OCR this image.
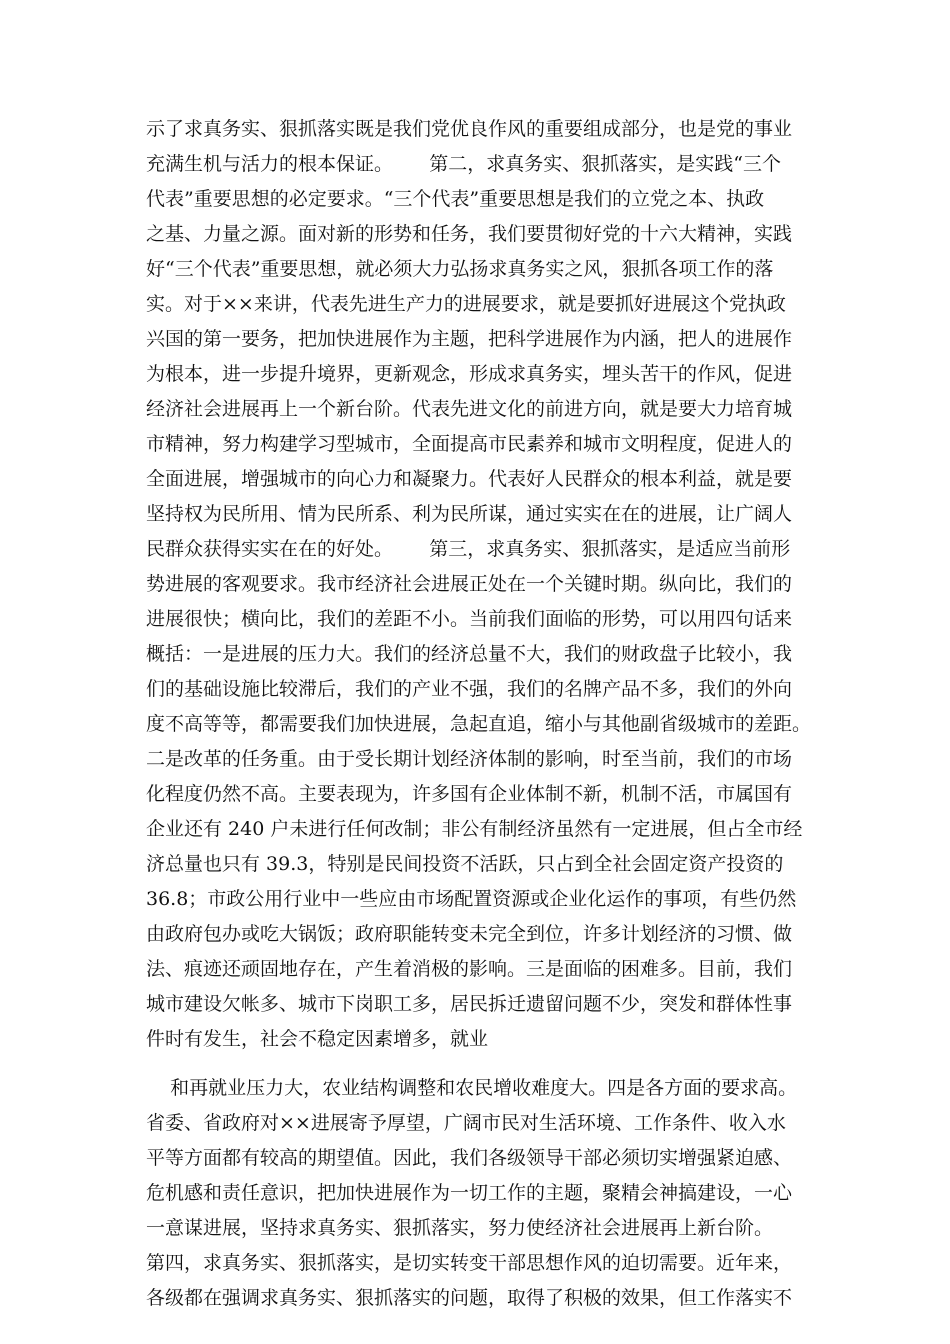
示了求真务实、狠抓落实既是我们党优良作风的重要组成部分，也是党的事业
充满生机与活力的根本保证。      第二，求真务实、狠抓落实，是实践“三个
代表”重要思想的必定要求。“三个代表”重要思想是我们的立党之本、执政
之基、力量之源。面对新的形势和任务，我们要贯彻好党的十六大精神，实践
好“三个代表”重要思想，就必须大力弘扬求真务实之风，狠抓各项工作的落
实。对于××来讲，代表先进生产力的进展要求，就是要抓好进展这个党执政
兴国的第一要务，把加快进展作为主题，把科学进展作为内涵，把人的进展作
为根本，进一步提升境界，更新观念，形成求真务实，埋头苦干的作风，促进
经济社会进展再上一个新台阶。代表先进文化的前进方向，就是要大力培育城
市精神，努力构建学习型城市，全面提高市民素养和城市文明程度，促进人的
全面进展，增强城市的向心力和凝聚力。代表好人民群众的根本利益，就是要
坚持权为民所用、情为民所系、利为民所谋，通过实实在在的进展，让广阔人
民群众获得实实在在的好处。      第三，求真务实、狠抓落实，是适应当前形
势进展的客观要求。我市经济社会进展正处在一个关键时期。纵向比，我们的
进展很快；横向比，我们的差距不小。当前我们面临的形势，可以用四句话来
概括：一是进展的压力大。我们的经济总量不大，我们的财政盘子比较小，我
们的基础设施比较滞后，我们的产业不强，我们的名牌产品不多，我们的外向
度不高等等，都需要我们加快进展，急起直追，缩小与其他副省级城市的差距。
二是改革的任务重。由于受长期计划经济体制的影响，时至当前，我们的市场
化程度仍然不高。主要表现为，许多国有企业体制不新，机制不活，市属国有
企业还有 240 户未进行任何改制；非公有制经济虽然有一定进展，但占全市经
济总量也只有 39.3，特别是民间投资不活跃，只占到全社会固定资产投资的
36.8；市政公用行业中一些应由市场配置资源或企业化运作的事项，有些仍然
由政府包办或吃大锅饭；政府职能转变未完全到位，许多计划经济的习惯、做
法、痕迹还顽固地存在，产生着消极的影响。三是面临的困难多。目前，我们
城市建设欠帐多、城市下岗职工多，居民拆迁遗留问题不少，突发和群体性事
件时有发生，社会不稳定因素增多，就业
和再就业压力大，农业结构调整和农民增收难度大。四是各方面的要求高。
省委、省政府对××进展寄予厚望，广阔市民对生活环境、工作条件、收入水
平等方面都有较高的期望值。因此，我们各级领导干部必须切实增强紧迫感、
危机感和责任意识，把加快进展作为一切工作的主题，聚精会神搞建设，一心
一意谋进展，坚持求真务实、狠抓落实，努力使经济社会进展再上新台阶。
第四，求真务实、狠抓落实，是切实转变干部思想作风的迫切需要。近年来，
各级都在强调求真务实、狠抓落实的问题，取得了积极的效果，但工作落实不
